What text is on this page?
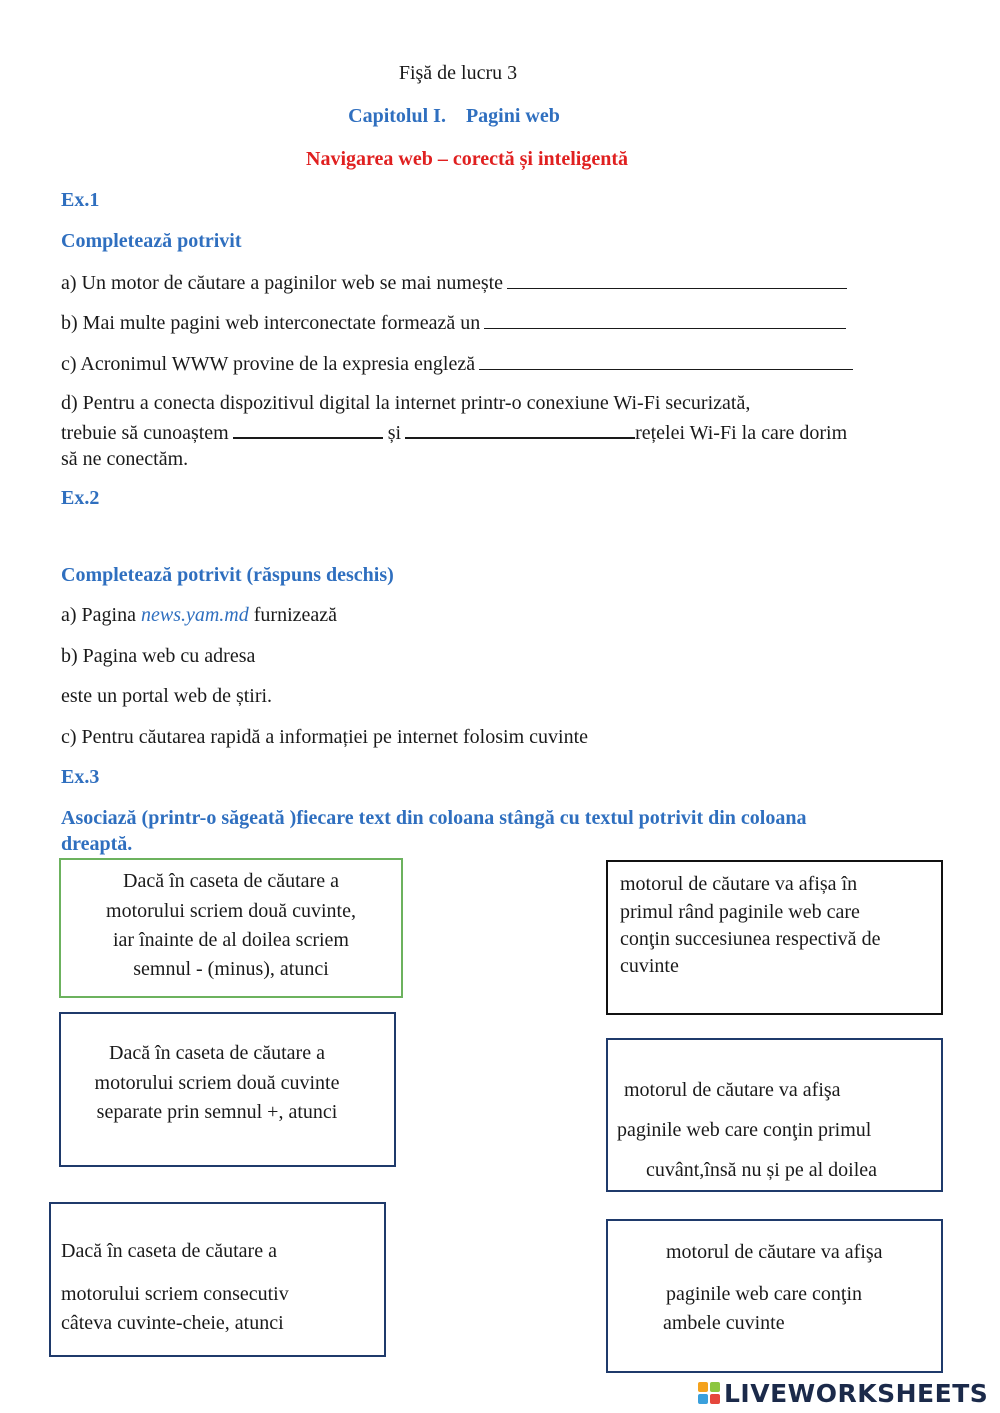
Fişă de lucru 3
Capitolul I.    Pagini web
Navigarea web – corectă și inteligentă
Ex.1
Completează potrivit
a) Un motor de căutare a paginilor web se mai numește
b) Mai multe pagini web interconectate formează un
c) Acronimul WWW provine de la expresia engleză
d) Pentru a conecta dispozitivul digital la internet printr-o conexiune Wi-Fi securizată,
trebuie să cunoaștem	și	rețelei Wi-Fi la care dorim
să ne conectăm.
Ex.2
Completează potrivit (răspuns deschis)
a) Pagina news.yam.md furnizează
b) Pagina web cu adresa
este un portal web de știri.
c) Pentru căutarea rapidă a informației pe internet folosim cuvinte
Ex.3
Asociază (printr-o săgeată )fiecare text din coloana stângă cu textul potrivit din coloana
dreaptă.
Dacă în caseta de căutare a
motorului scriem două cuvinte,
iar înainte de al doilea scriem
semnul - (minus), atunci
Dacă în caseta de căutare a
motorului scriem două cuvinte
separate prin semnul +, atunci
Dacă în caseta de căutare a
motorului scriem consecutiv
câteva cuvinte-cheie, atunci
motorul de căutare va afișa în
primul rând paginile web care
conţin succesiunea respectivă de
cuvinte
motorul de căutare va afişa
paginile web care conţin primul
cuvânt,însă nu și pe al doilea
motorul de căutare va afişa
paginile web care conţin
ambele cuvinte
LIVEWORKSHEETS
